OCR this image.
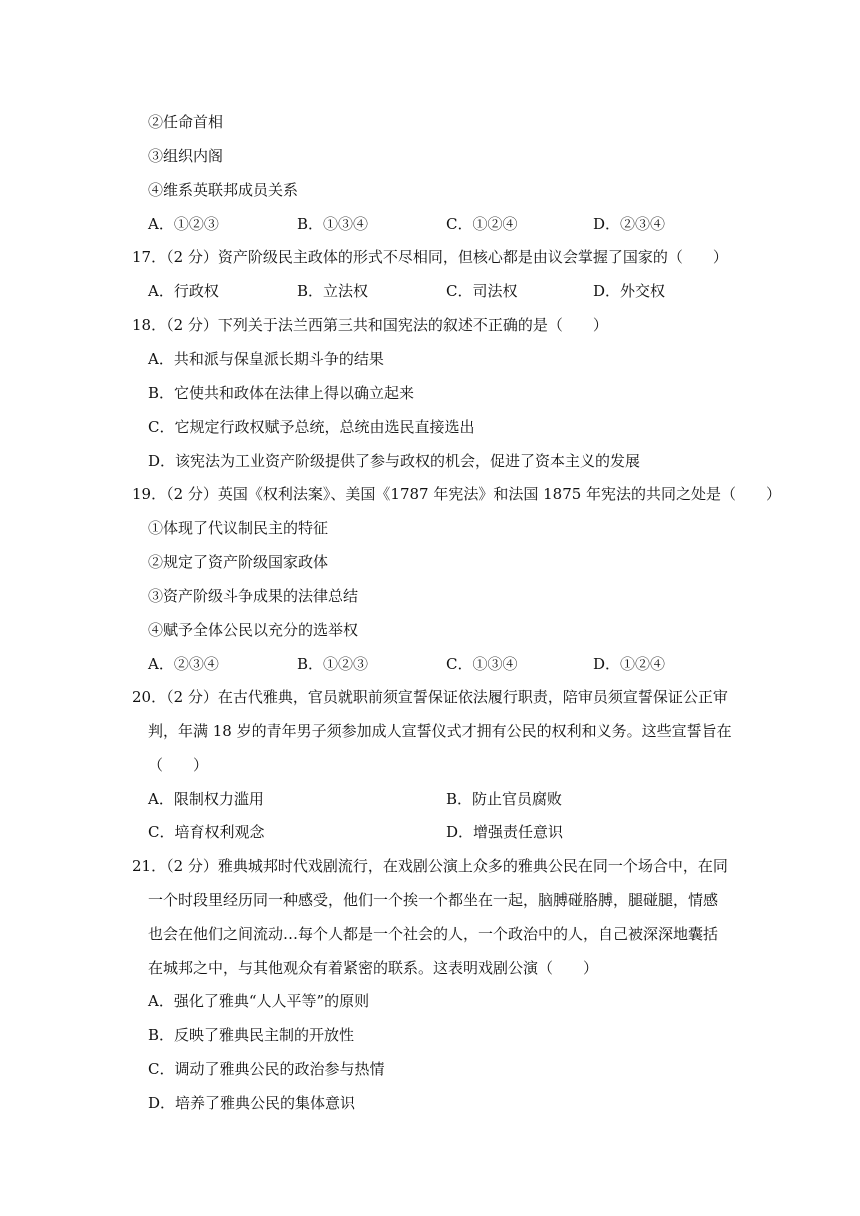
②任命首相
③组织内阁
④维系英联邦成员关系
A．①②③	B．①③④	C．①②④	D．②③④
17．（2 分）资产阶级民主政体的形式不尽相同，但核心都是由议会掌握了国家的（　　）
A．行政权	B．立法权	C．司法权	D．外交权
18．（2 分）下列关于法兰西第三共和国宪法的叙述不正确的是（　　）
A．共和派与保皇派长期斗争的结果
B．它使共和政体在法律上得以确立起来
C．它规定行政权赋予总统，总统由选民直接选出
D．该宪法为工业资产阶级提供了参与政权的机会，促进了资本主义的发展
19．（2 分）英国《权利法案》、美国《1787 年宪法》和法国 1875 年宪法的共同之处是（　　）
①体现了代议制民主的特征
②规定了资产阶级国家政体
③资产阶级斗争成果的法律总结
④赋予全体公民以充分的选举权
A．②③④	B．①②③	C．①③④	D．①②④
20．（2 分）在古代雅典，官员就职前须宣誓保证依法履行职责，陪审员须宣誓保证公正审
判，年满 18 岁的青年男子须参加成人宣誓仪式才拥有公民的权利和义务。这些宣誓旨在
（　　）
A．限制权力滥用	B．防止官员腐败
C．培育权利观念	D．增强责任意识
21．（2 分）雅典城邦时代戏剧流行，在戏剧公演上众多的雅典公民在同一个场合中，在同
一个时段里经历同一种感受，他们一个挨一个都坐在一起，脑膊碰胳膊，腿碰腿，情感
也会在他们之间流动…每个人都是一个社会的人，一个政治中的人，自己被深深地囊括
在城邦之中，与其他观众有着紧密的联系。这表明戏剧公演（　　）
A．强化了雅典“人人平等”的原则
B．反映了雅典民主制的开放性
C．调动了雅典公民的政治参与热情
D．培养了雅典公民的集体意识
